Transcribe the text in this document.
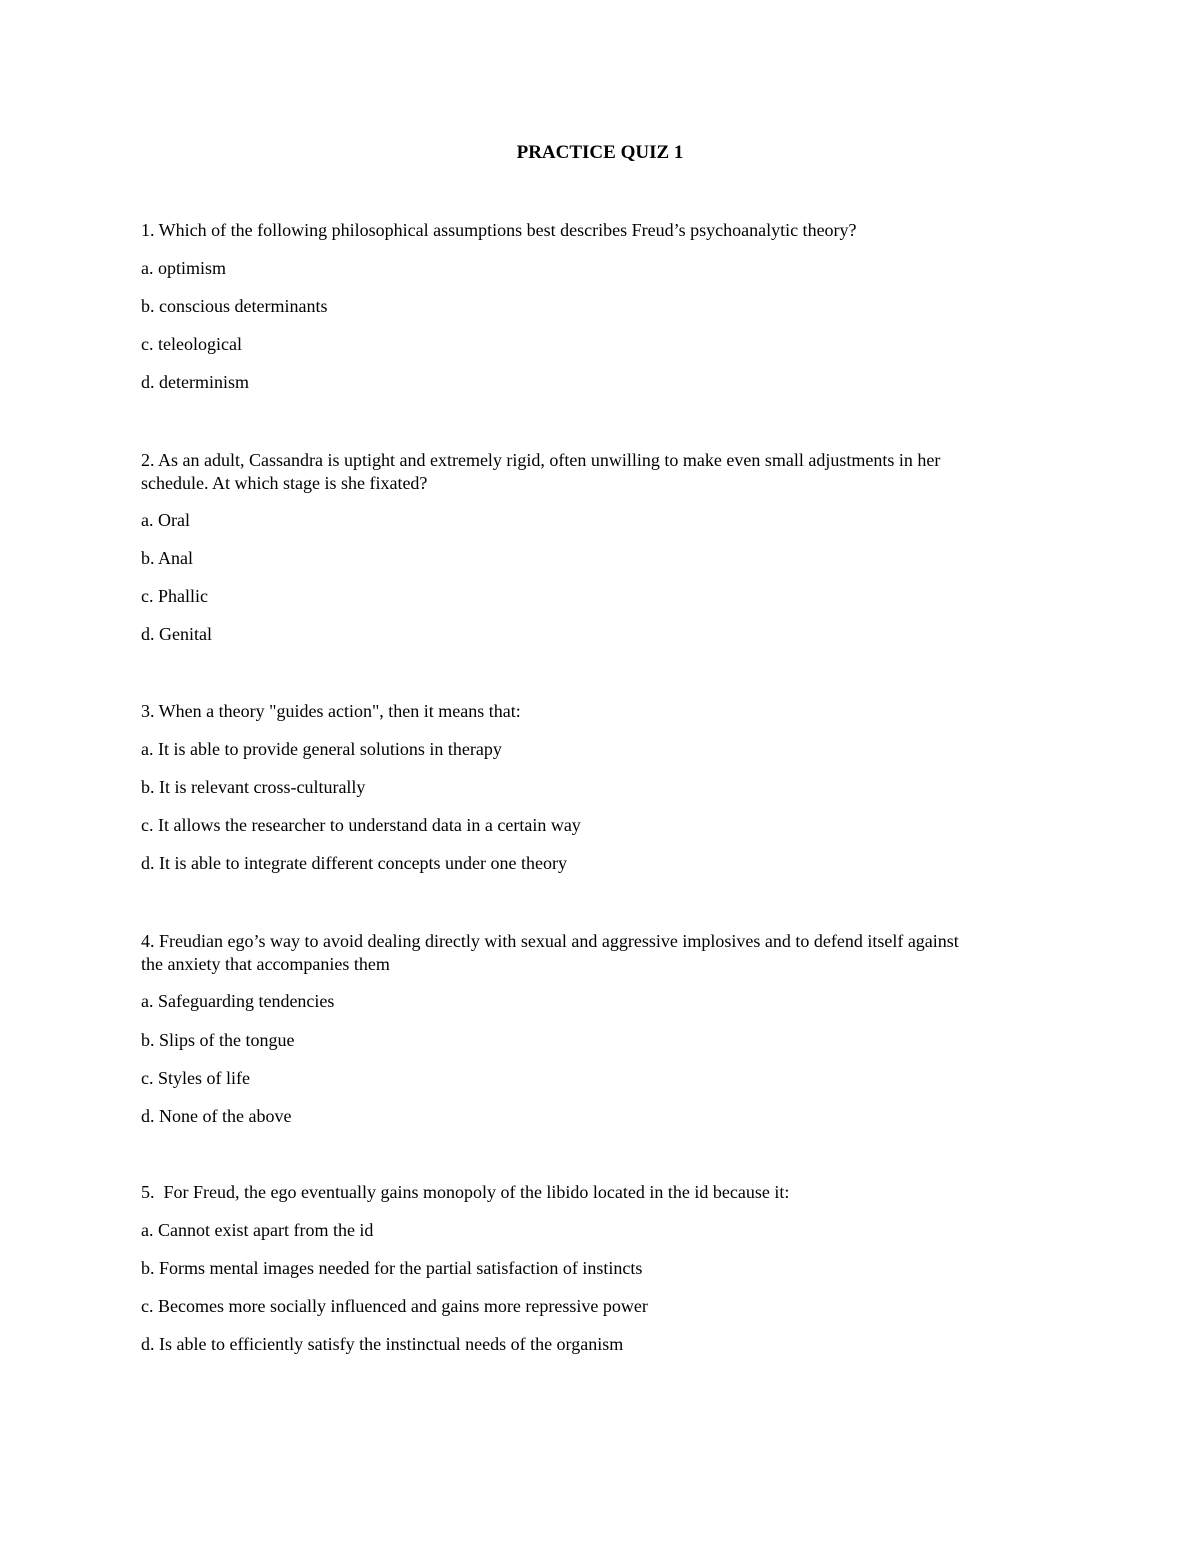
PRACTICE QUIZ 1

1. Which of the following philosophical assumptions best describes Freud’s psychoanalytic theory?

a. optimism

b. conscious determinants

c. teleological

d. determinism

2. As an adult, Cassandra is uptight and extremely rigid, often unwilling to make even small adjustments in her

schedule. At which stage is she fixated?

a. Oral

b. Anal

c. Phallic

d. Genital

3. When a theory "guides action", then it means that:

a. It is able to provide general solutions in therapy

b. It is relevant cross-culturally

c. It allows the researcher to understand data in a certain way

d. It is able to integrate different concepts under one theory

4. Freudian ego’s way to avoid dealing directly with sexual and aggressive implosives and to defend itself against

the anxiety that accompanies them

a. Safeguarding tendencies

b. Slips of the tongue

c. Styles of life

d. None of the above

5.  For Freud, the ego eventually gains monopoly of the libido located in the id because it:

a. Cannot exist apart from the id

b. Forms mental images needed for the partial satisfaction of instincts

c. Becomes more socially influenced and gains more repressive power

d. Is able to efficiently satisfy the instinctual needs of the organism
